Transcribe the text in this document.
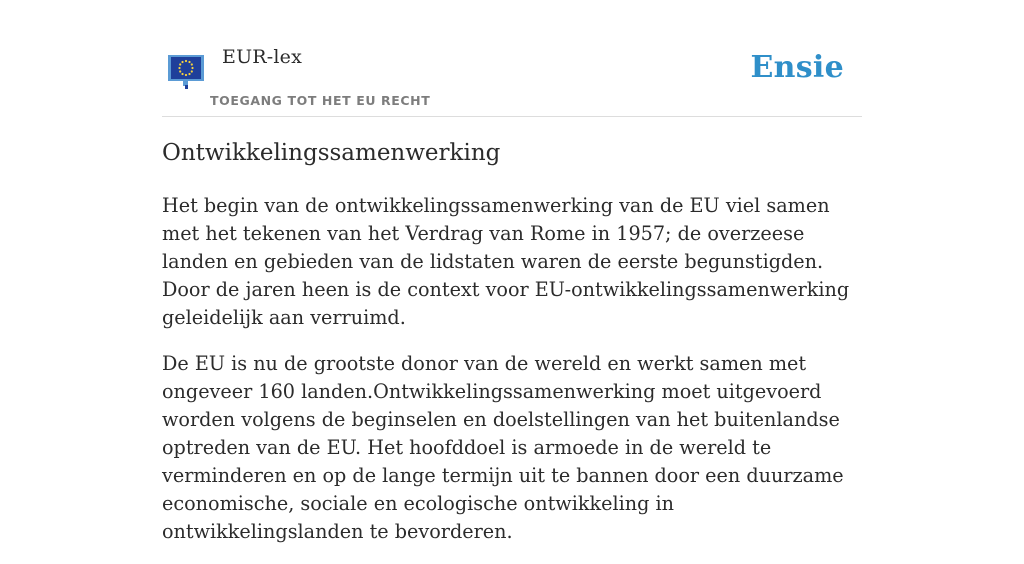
EUR-lex
TOEGANG TOT HET EU RECHT
Ensie
Ontwikkelingssamenwerking

Het begin van de ontwikkelingssamenwerking van de EU viel samen met het tekenen van het Verdrag van Rome in 1957; de overzeese landen en gebieden van de lidstaten waren de eerste begunstigden. Door de jaren heen is de context voor EU-ontwikkelingssamenwerking geleidelijk aan verruimd.

De EU is nu de grootste donor van de wereld en werkt samen met ongeveer 160 landen.Ontwikkelingssamenwerking moet uitgevoerd worden volgens de beginselen en doelstellingen van het buitenlandse optreden van de EU. Het hoofddoel is armoede in de wereld te verminderen en op de lange termijn uit te bannen door een duurzame economische, sociale en ecologische ontwikkeling in ontwikkelingslanden te bevorderen.
